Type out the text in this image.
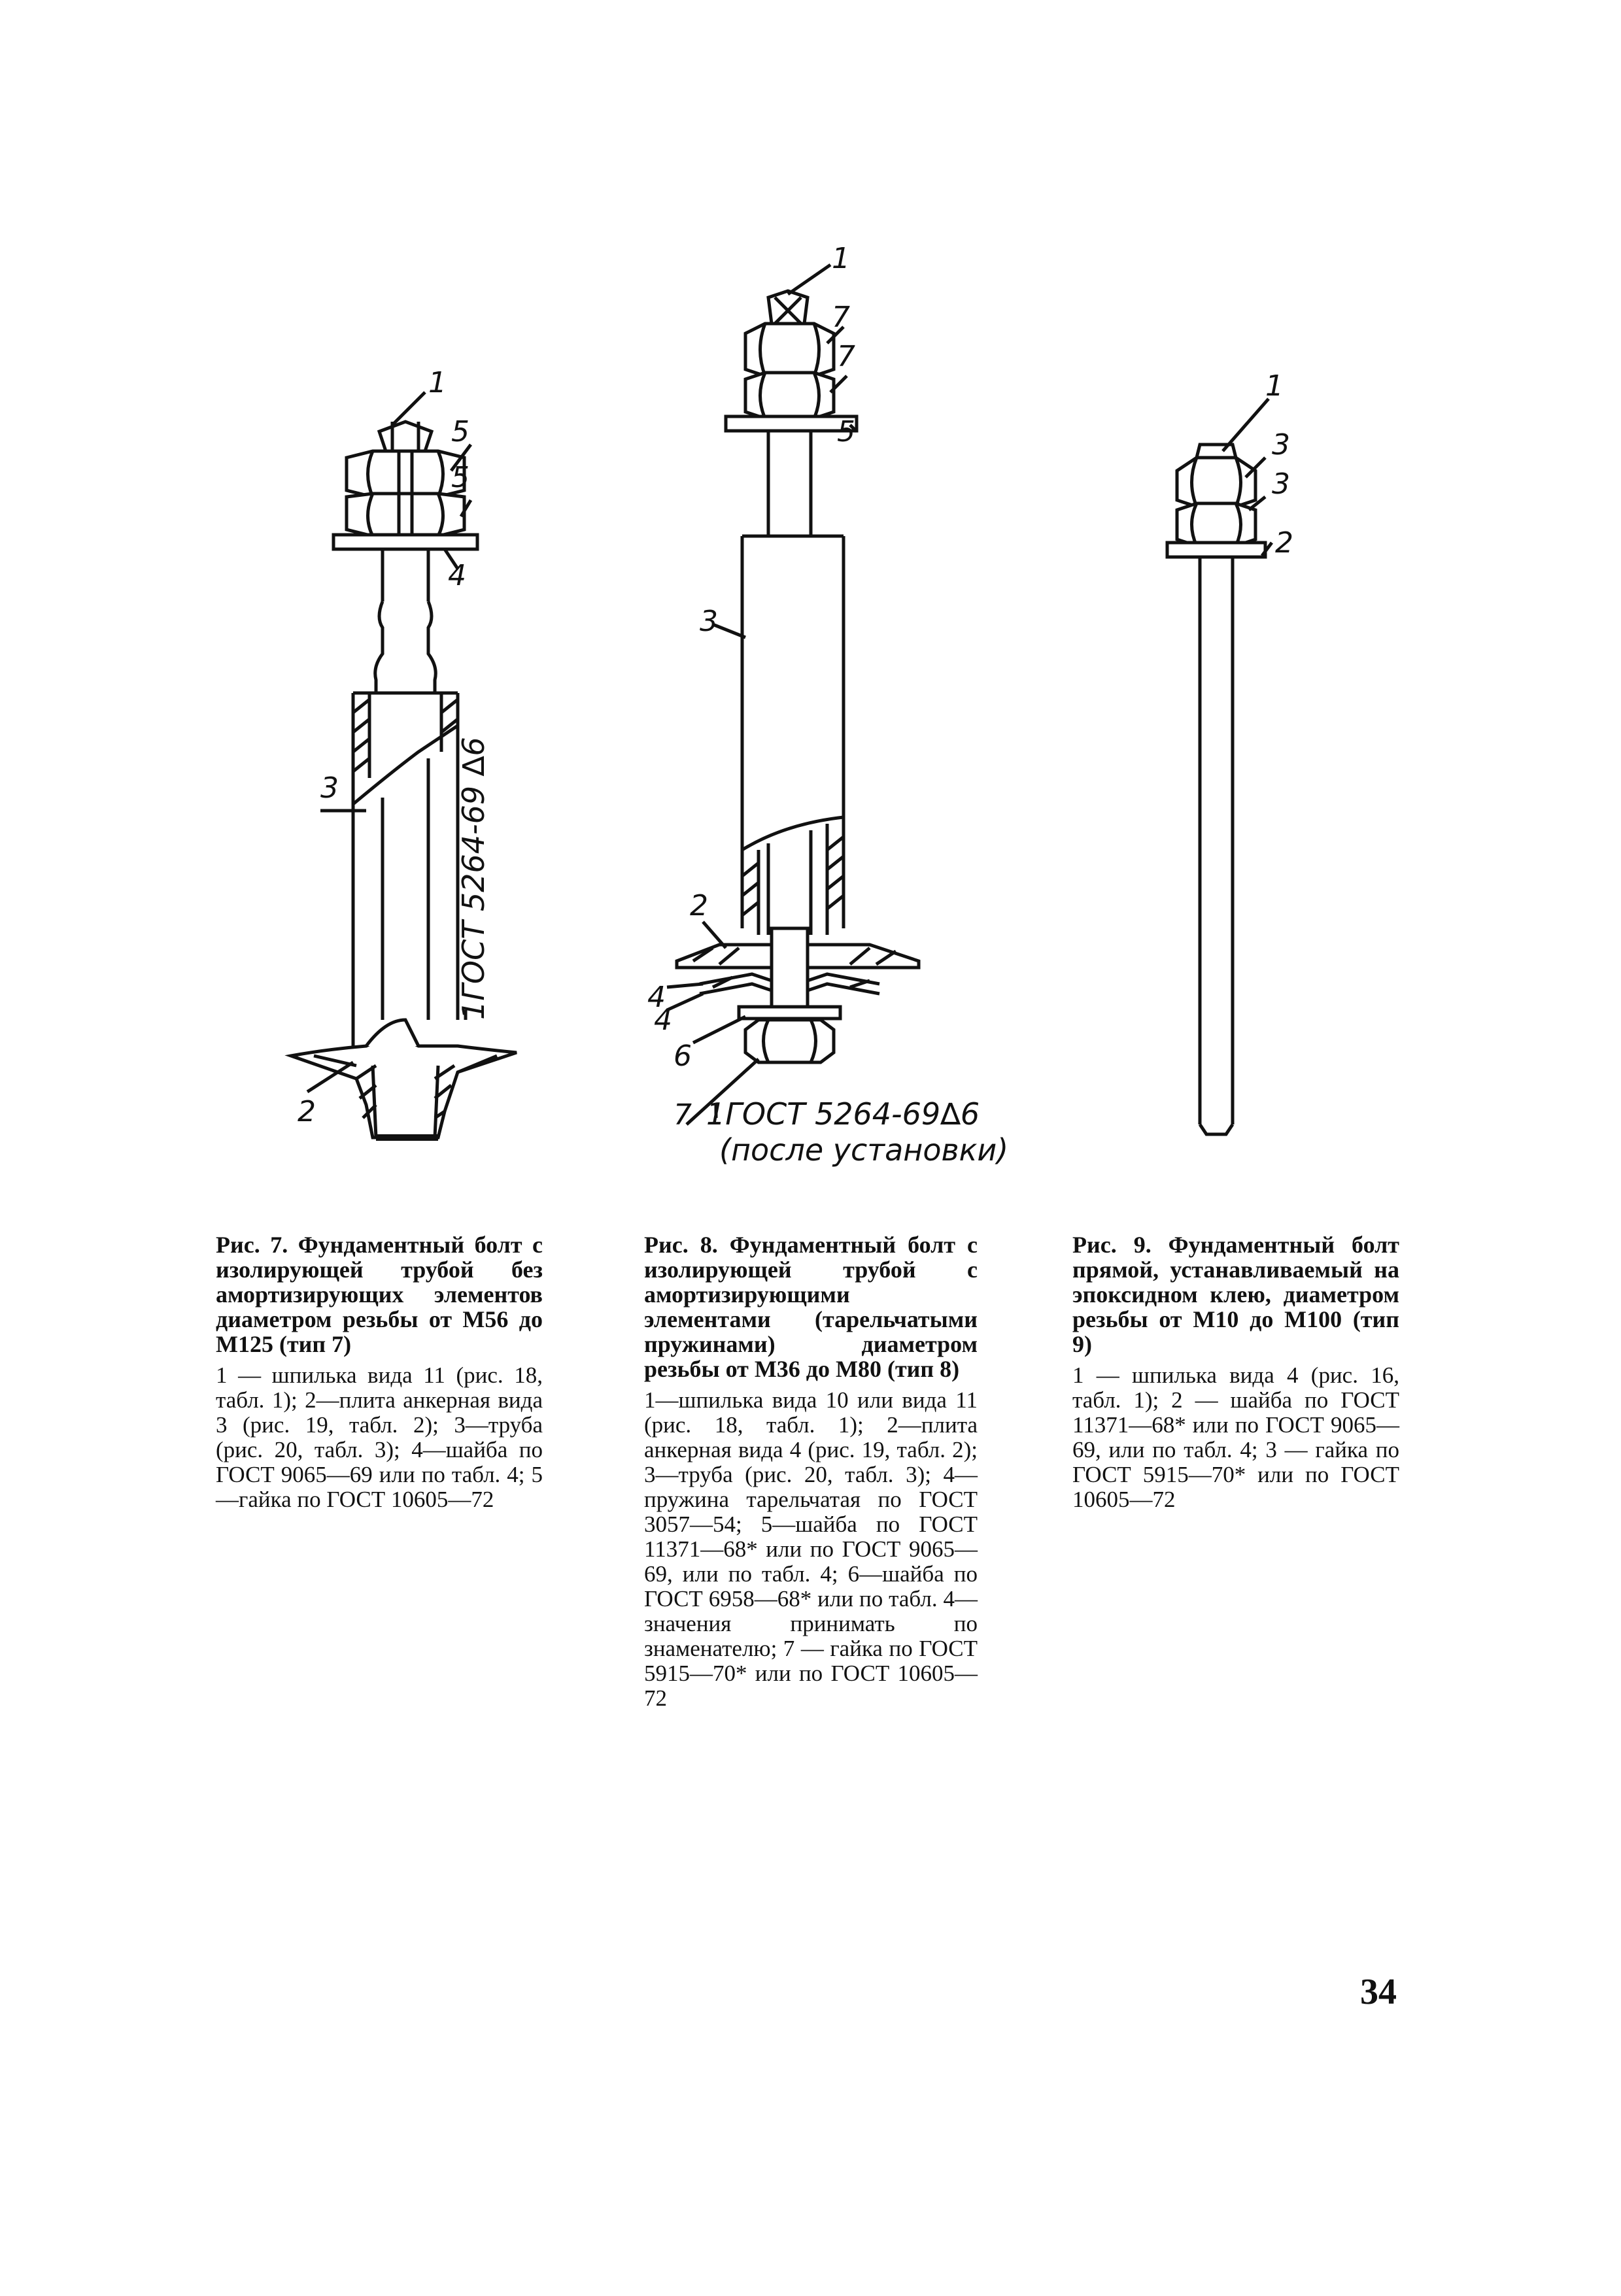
1
5
5
4
3
2
1ГОСТ 5264-69 ∆6
1
7
7
5
3
2
4
4
6
7 1ГОСТ 5264-69∆6
(после установки)
1
3
3
2
Рис. 7. Фундаментный болт с изолирующей трубой без амортизирующих элементов диаметром резьбы от М56 до М125 (тип 7)
1 — шпилька вида 11 (рис. 18, табл. 1); 2—плита анкерная вида 3 (рис. 19, табл. 2); 3—труба (рис. 20, табл. 3); 4—шайба по ГОСТ 9065—69 или по табл. 4; 5—гайка по ГОСТ 10605—72
Рис. 8. Фундаментный болт с изолирующей трубой с амортизирующими элементами (тарельчатыми пружинами) диаметром резьбы от М36 до М80 (тип 8)
1—шпилька вида 10 или вида 11 (рис. 18, табл. 1); 2—плита анкерная вида 4 (рис. 19, табл. 2); 3—труба (рис. 20, табл. 3); 4—пружина тарельчатая по ГОСТ 3057—54; 5—шайба по ГОСТ 11371—68* или по ГОСТ 9065—69, или по табл. 4; 6—шайба по ГОСТ 6958—68* или по табл. 4—значения принимать по знаменателю; 7 — гайка по ГОСТ 5915—70* или по ГОСТ 10605—72
Рис. 9. Фундаментный болт прямой, устанавливаемый на эпоксидном клею, диаметром резьбы от М10 до М100 (тип 9)
1 — шпилька вида 4 (рис. 16, табл. 1); 2 — шайба по ГОСТ 11371—68* или по ГОСТ 9065—69, или по табл. 4; 3 — гайка по ГОСТ 5915—70* или по ГОСТ 10605—72
34
